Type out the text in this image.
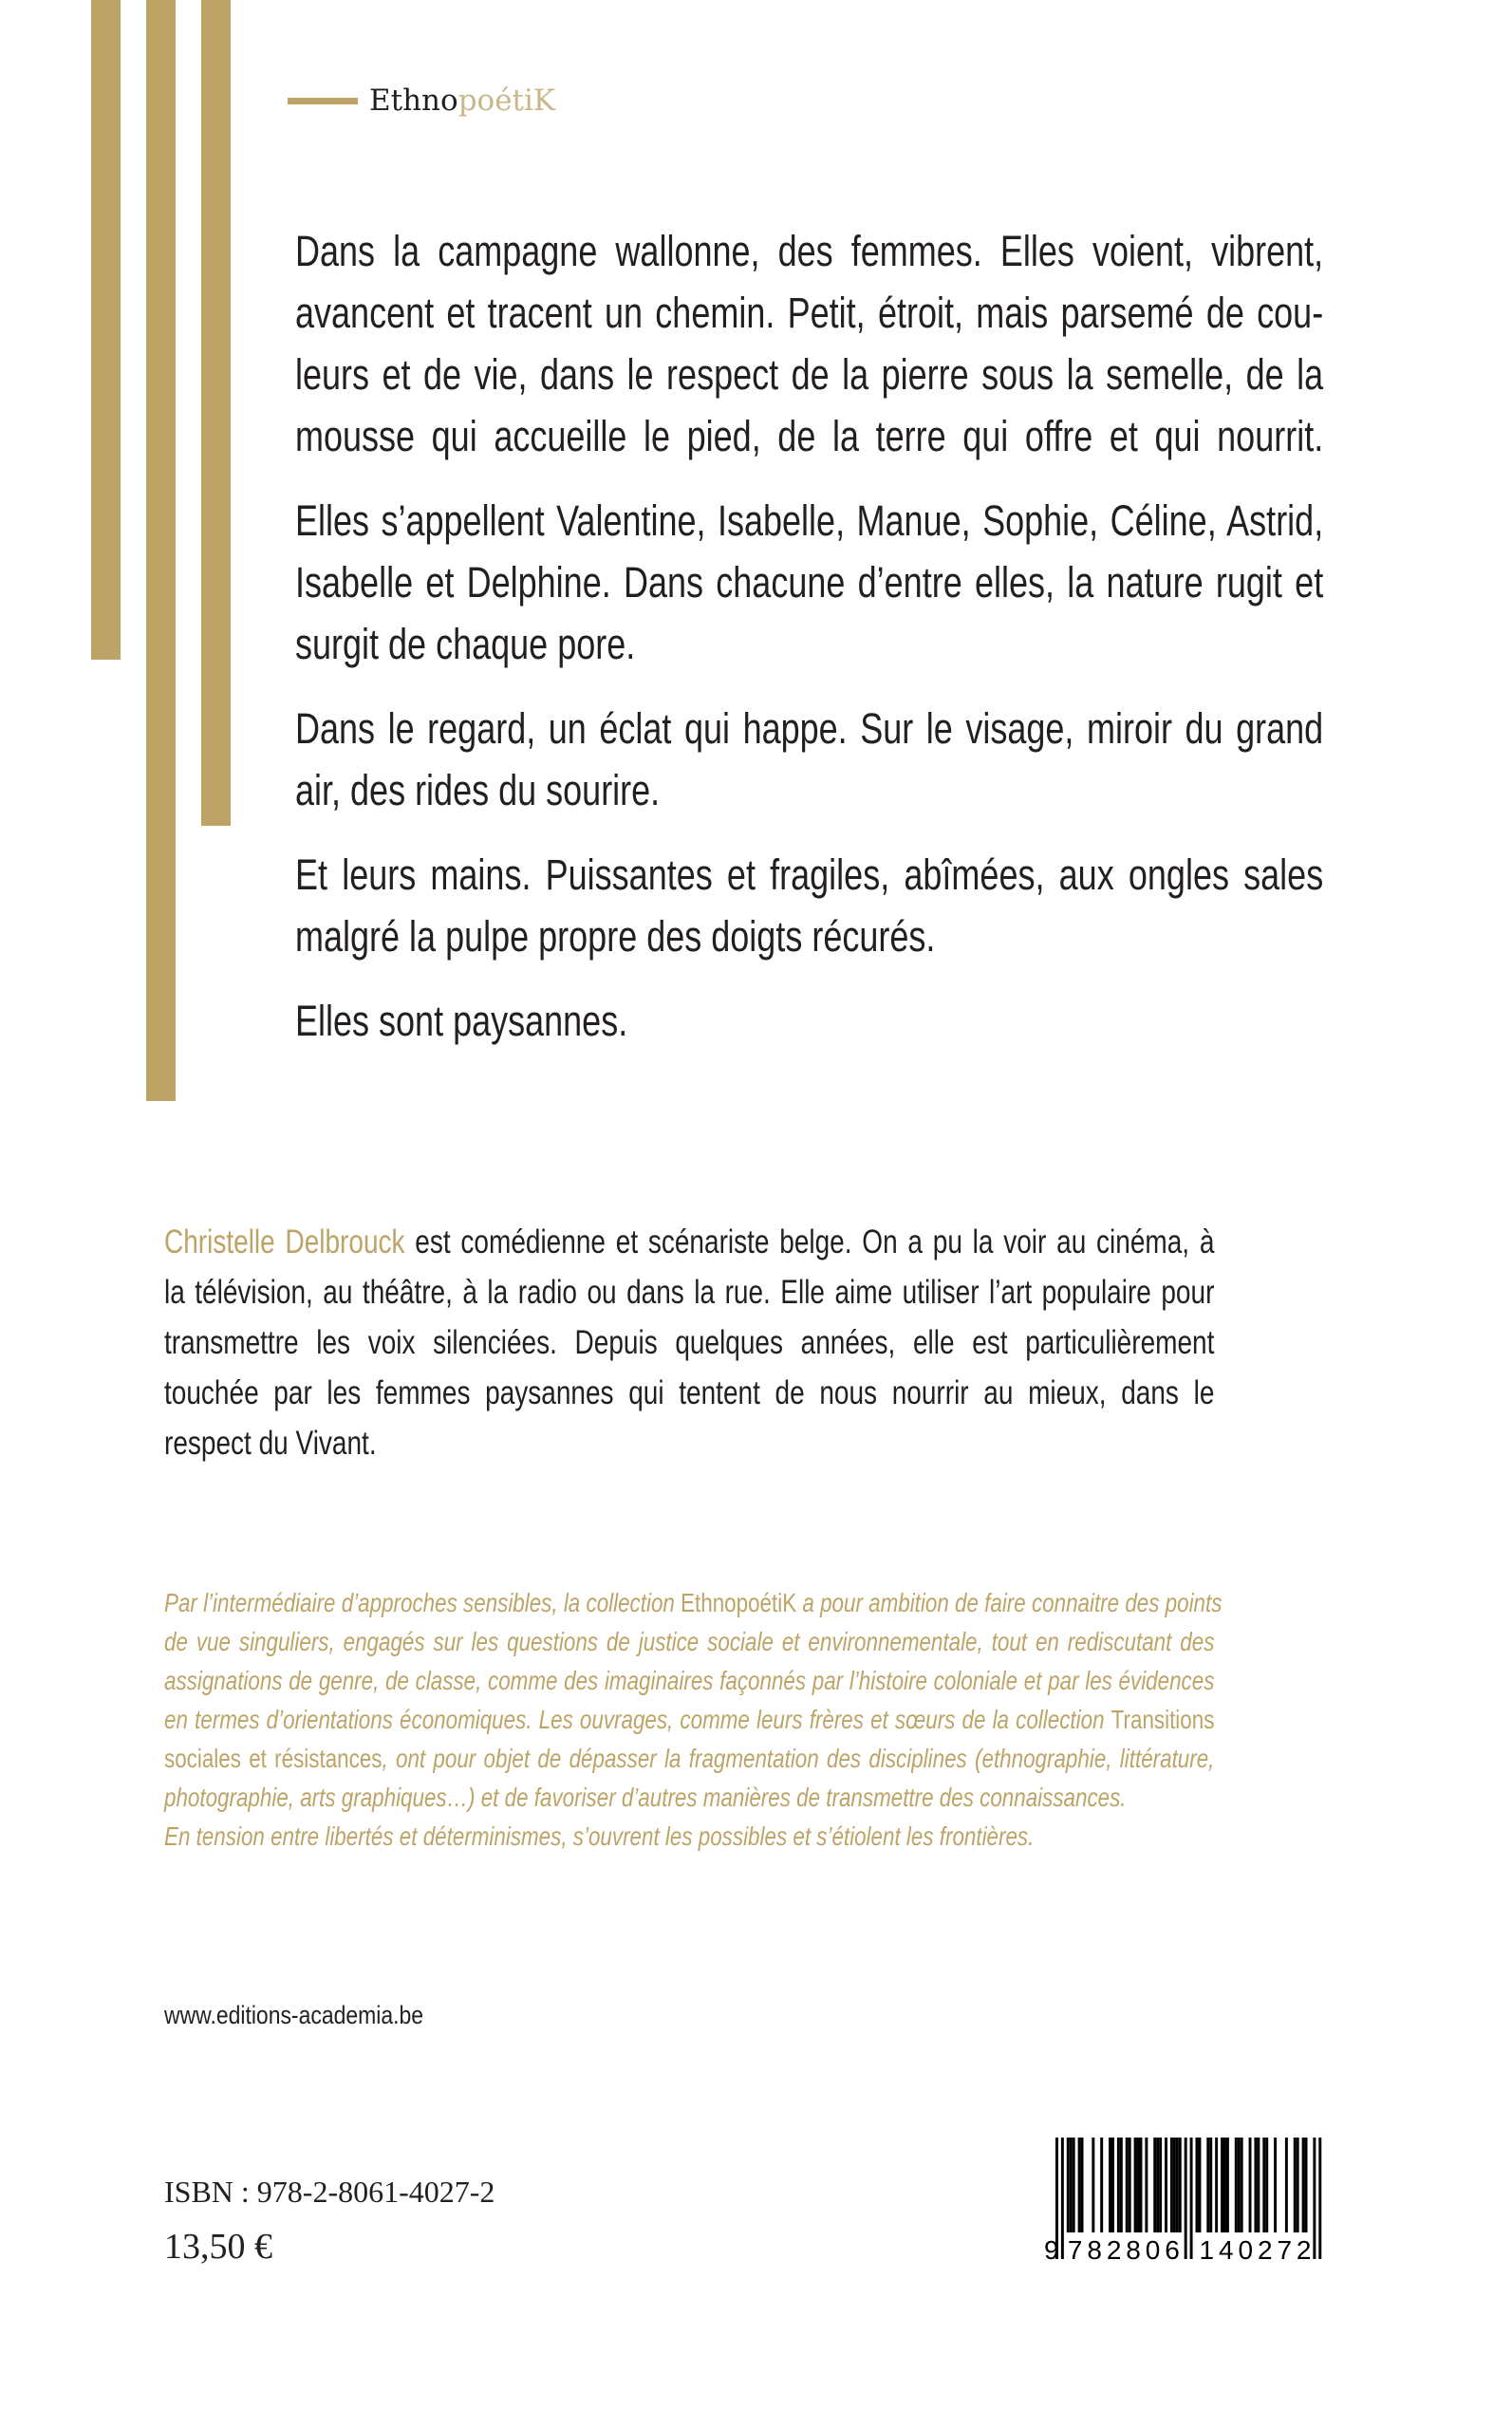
Ethno poétiK
Dans la campagne wallonne, des femmes. Elles voient, vibrent,
avancent et tracent un chemin. Petit, étroit, mais parsemé de cou-
leurs et de vie, dans le respect de la pierre sous la semelle, de la
mousse qui accueille le pied, de la terre qui offre et qui nourrit.
Elles s’appellent Valentine, Isabelle, Manue, Sophie, Céline, Astrid,
Isabelle et Delphine. Dans chacune d’entre elles, la nature rugit et
surgit de chaque pore.
Dans le regard, un éclat qui happe. Sur le visage, miroir du grand
air, des rides du sourire.
Et leurs mains. Puissantes et fragiles, abîmées, aux ongles sales
malgré la pulpe propre des doigts récurés.
Elles sont paysannes.
Christelle Delbrouck est comédienne et scénariste belge. On a pu la voir au cinéma, à
la télévision, au théâtre, à la radio ou dans la rue. Elle aime utiliser l’art populaire pour
transmettre les voix silenciées. Depuis quelques années, elle est particulièrement
touchée par les femmes paysannes qui tentent de nous nourrir au mieux, dans le
respect du Vivant.
Par l’intermédiaire d’approches sensibles, la collection EthnopoétiK a pour ambition de faire connaitre des points
de vue singuliers, engagés sur les questions de justice sociale et environnementale, tout en rediscutant des
assignations de genre, de classe, comme des imaginaires façonnés par l’histoire coloniale et par les évidences
en termes d’orientations économiques. Les ouvrages, comme leurs frères et sœurs de la collection Transitions
sociales et résistances, ont pour objet de dépasser la fragmentation des disciplines (ethnographie, littérature,
photographie, arts graphiques…) et de favoriser d’autres manières de transmettre des connaissances.
En tension entre libertés et déterminismes, s’ouvrent les possibles et s’étiolent les frontières.
www.editions-academia.be
ISBN : 978-2-8061-4027-2
13,50 €	9 782806 140272
